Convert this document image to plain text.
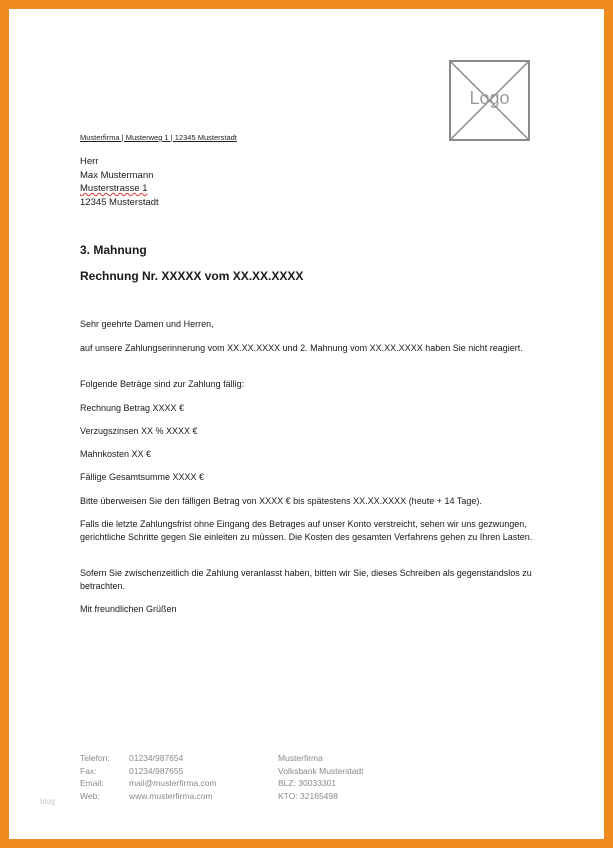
Logo
Musterfirma | Musterweg 1 | 12345 Musterstadt
Herr
Max Mustermann
Musterstrasse 1
12345 Musterstadt
3. Mahnung
Rechnung Nr. XXXXX vom XX.XX.XXXX
Sehr geehrte Damen und Herren,
auf unsere Zahlungserinnerung vom XX.XX.XXXX und 2. Mahnung vom XX.XX.XXXX haben Sie nicht reagiert.
Folgende Beträge sind zur Zahlung fällig:
Rechnung Betrag XXXX €
Verzugszinsen XX % XXXX €
Mahnkosten XX €
Fällige Gesamtsumme XXXX €
Bitte überweisen Sie den fälligen Betrag von XXXX € bis spätestens XX.XX.XXXX (heute + 14 Tage).
Falls die letzte Zahlungsfrist ohne Eingang des Betrages auf unser Konto verstreicht, sehen wir uns gezwungen, gerichtliche Schritte gegen Sie einleiten zu müssen. Die Kosten des gesamten Verfahrens gehen zu Ihren Lasten.
Sofern Sie zwischenzeitlich die Zahlung veranlasst haben, bitten wir Sie, dieses Schreiben als gegenstandslos zu betrachten.
Mit freundlichen Grüßen
Telefon:	01234/987654
Fax:	01234/987655
Email:	mail@musterfirma.com
Web:	www.musterfirma.com
Musterfirma
Volksbank Musterstadt
BLZ: 30033301
KTO: 32165498
blog
